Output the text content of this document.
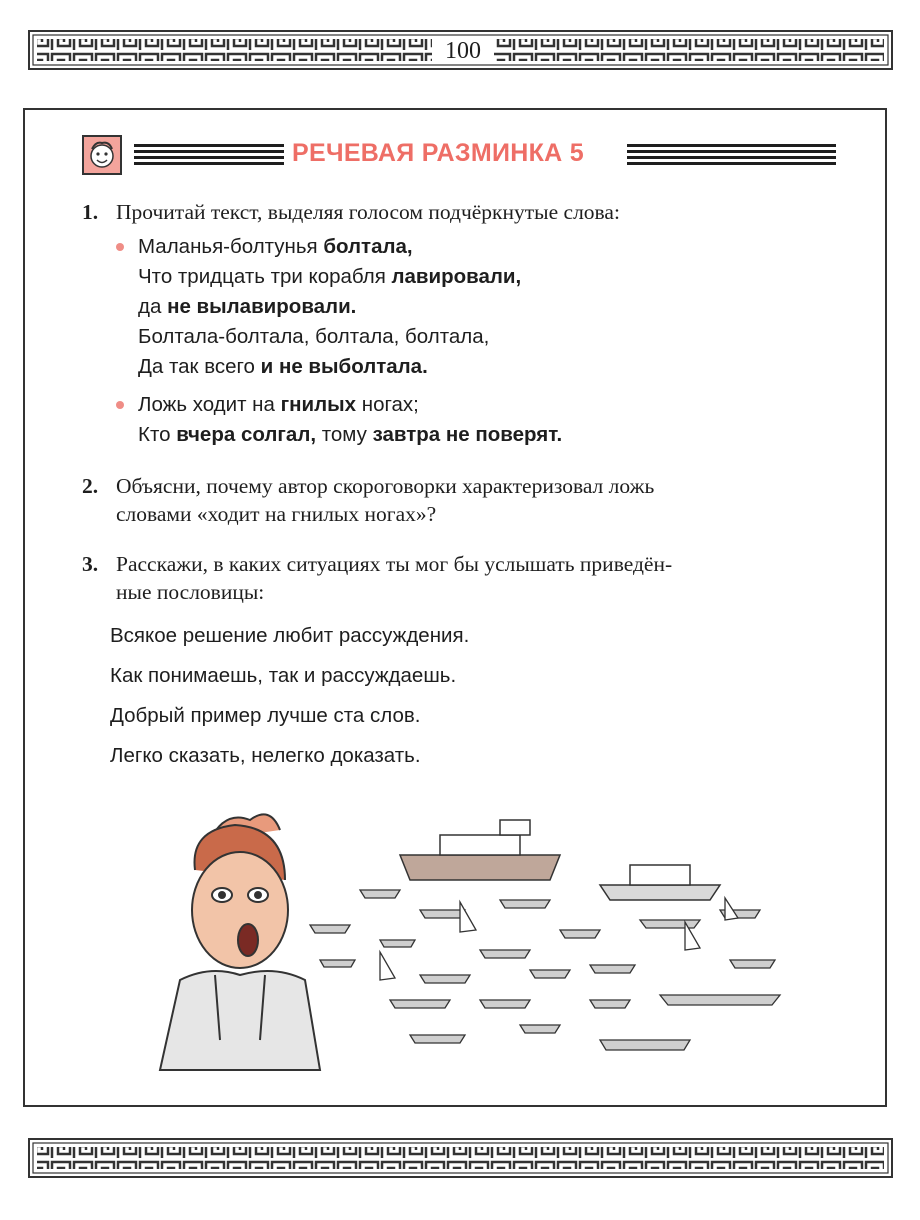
100
РЕЧЕВАЯ РАЗМИНКА 5
1. Прочитай текст, выделяя голосом подчёркнутые слова:
Маланья-болтунья болтала,
Что тридцать три корабля лавировали,
да не вылавировали.
Болтала-болтала, болтала, болтала,
Да так всего и не выболтала.
Ложь ходит на гнилых ногах;
Кто вчера солгал, тому завтра не поверят.
2. Объясни, почему автор скороговорки характеризовал ложь
словами «ходит на гнилых ногах»?
3. Расскажи, в каких ситуациях ты мог бы услышать приведён-
ные пословицы:
Всякое решение любит рассуждения.
Как понимаешь, так и рассуждаешь.
Добрый пример лучше ста слов.
Легко сказать, нелегко доказать.
